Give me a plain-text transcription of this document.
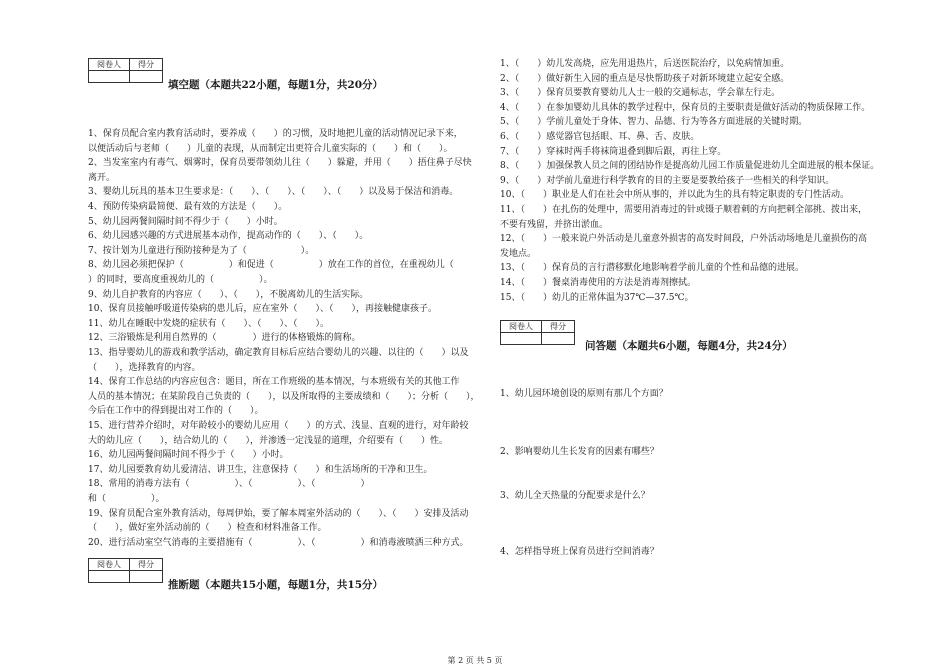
阅卷人	得分

填空题（本题共22小题，每题1分，共20分）
1、保育员配合室内教育活动时，要养成（　　）的习惯，及时地把儿童的活动情况记录下来，
以便活动后与老师（　　）儿童的表现，从而制定出更符合儿童实际的（　　）和（　　）。
2、当发室室内有毒气、烟雾时，保育员要带领幼儿往（　　）躲避，并用（　　）捂住鼻子尽快
离开。
3、婴幼儿玩具的基本卫生要求是：（　　）、（　　）、（　　）、（　　）以及易于保洁和消毒。
4、预防传染病最简便、最有效的方法是（　　）。
5、幼儿园两餐间隔时间不得少于（　　）小时。
6、幼儿园感兴趣的方式进展基本动作，提高动作的（　　）、（　　）。
7、按计划为儿童进行预防接种是为了（　　　　　　）。
8、幼儿园必须把保护（　　　　　）和促进（　　　　　）放在工作的首位，在重视幼儿（
）的同时，要高度重视幼儿的（　　　　　）。
9、幼儿自护教育的内容应（　　）、（　　），不脱离幼儿的生活实际。
10、保育员接触呼吸道传染病的患儿后，应在室外（　　）、（　　），再接触健康孩子。
11、幼儿在睡眠中发烧的症状有（　　）、（　　）、（　　）。
12、三浴锻炼是利用自然界的（　　　　）进行的体格锻炼的简称。
13、指导婴幼儿的游戏和教学活动，确定教育目标后应结合婴幼儿的兴趣、以往的（　　）以及
（　　），选择教育的内容。
14、保育工作总结的内容应包含：题目，所在工作班级的基本情况，与本班级有关的其他工作
人员的基本情况；在某阶段自己负责的（　　），以及所取得的主要成绩和（　　）；分析（　　），
今后在工作中的得到提出对工作的（　　）。
15、进行营养介绍时，对年龄较小的婴幼儿应用（　　）的方式、浅显、直观的进行，对年龄较
大的幼儿应（　　），结合幼儿的（　　），并渗透一定浅显的道理，介绍要有（　　）性。
16、幼儿园两餐间隔时间不得少于（　　）小时。
17、幼儿园要教育幼儿爱清洁、讲卫生，注意保持（　　）和生活场所的干净和卫生。
18、常用的消毒方法有（　　　　　）、（　　　　　）、（　　　　　）
和（　　　　　）。
19、保育员配合室外教育活动，每周伊始，要了解本周室外活动的（　　）、（　　）安排及活动
（　　），做好室外活动前的（　　）检查和材料准备工作。
20、进行活动室空气消毒的主要措施有（　　　　　）、（　　　　　）和消毒液喷洒三种方式。
阅卷人	得分

推断题（本题共15小题，每题1分，共15分）
1、（　　）幼儿发高烧，应先用退热片，后送医院治疗，以免病情加重。
2、（　　）做好新生入园的重点是尽快帮助孩子对新环境建立起安全感。
3、（　　）保育员要教育婴幼儿人士一般的交通标志，学会靠左行走。
4、（　　）在参加婴幼儿具体的教学过程中，保育员的主要职责是做好活动的物质保障工作。
5、（　　）学前儿童处于身体、智力、品德、行为等各方面进展的关键时期。
6、（　　）感觉器官包括眼、耳、鼻、舌、皮肤。
7、（　　）穿袜时两手将袜筒退叠到脚后跟，再往上穿。
8、（　　）加强保教人员之间的团结协作是提高幼儿园工作质量促进幼儿全面进展的根本保证。
9、（　　）对学前儿童进行科学教育的目的主要是要教给孩子一些相关的科学知识。
10、（　　）职业是人们在社会中所从事的，并以此为生的具有特定职责的专门性活动。
11、（　　）在扎伤的处理中，需要用消毒过的针或镊子顺着刺的方向把刺全部挑、拨出来，
不要有残留，并挤出淤血。
12、（　　）一般来说户外活动是儿童意外损害的高发时间段，户外活动场地是儿童损伤的高
发地点。
13、（　　）保育员的言行潜移默化地影响着学前儿童的个性和品德的进展。
14、（　　）餐桌消毒使用的方法是消毒剂擦拭。
15、（　　）幼儿的正常体温为37℃—37.5℃。
阅卷人	得分

问答题（本题共6小题，每题4分，共24分）
1、幼儿园环境创设的原则有那几个方面？
2、影响婴幼儿生长发育的因素有哪些？
3、幼儿全天热量的分配要求是什么？
4、怎样指导班上保育员进行空间消毒？
第 2 页 共 5 页
